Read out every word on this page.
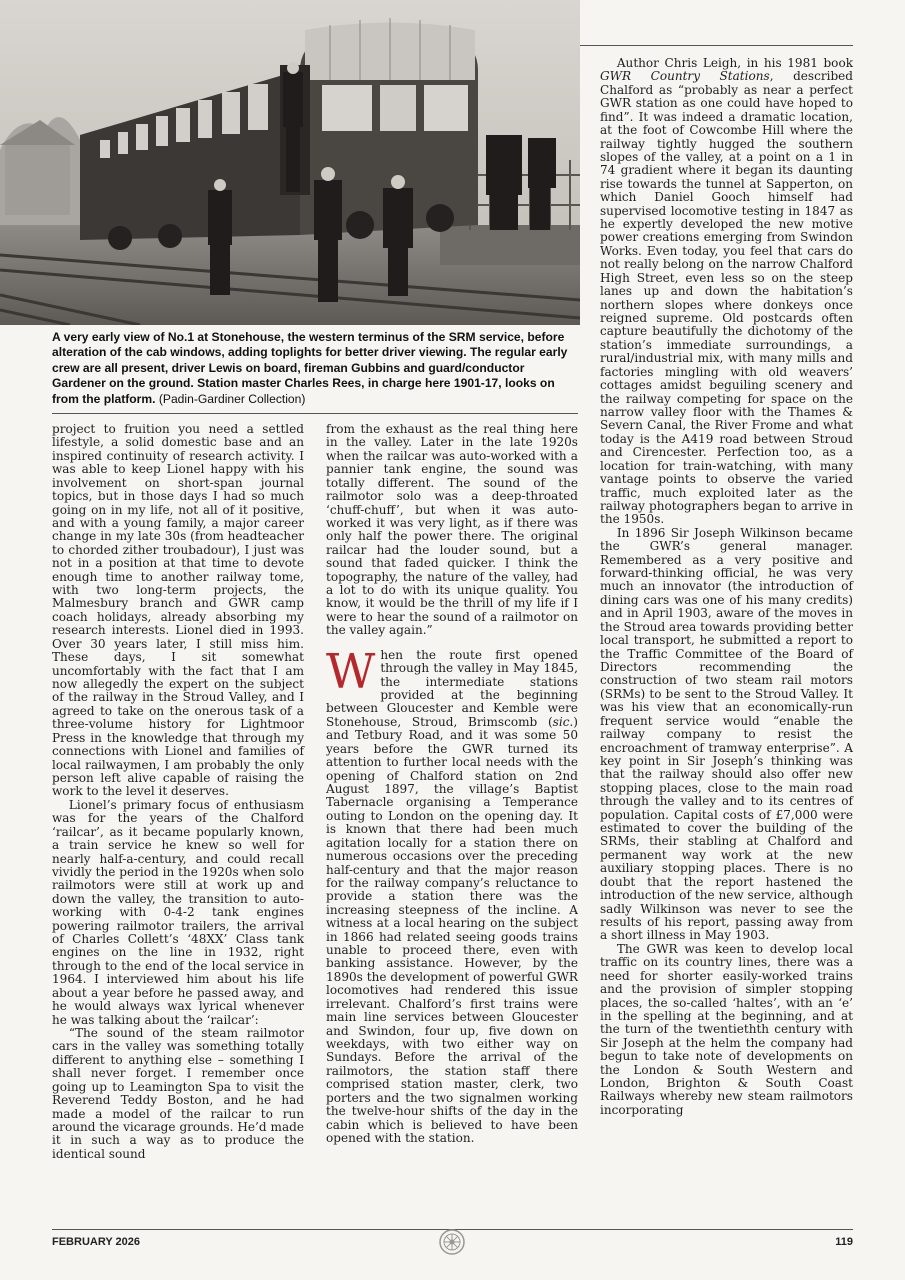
A very early view of No.1 at Stonehouse, the western terminus of the SRM service, before alteration of the cab windows, adding toplights for better driver viewing. The regular early crew are all present, driver Lewis on board, fireman Gubbins and guard/conductor Gardener on the ground. Station master Charles Rees, in charge here 1901-17, looks on from the platform. (Padin-Gardiner Collection)

project to fruition you need a settled lifestyle, a solid domestic base and an inspired continuity of research activity. I was able to keep Lionel happy with his involvement on short-span journal topics, but in those days I had so much going on in my life, not all of it positive, and with a young family, a major career change in my late 30s (from headteacher to chorded zither troubadour), I just was not in a position at that time to devote enough time to another railway tome, with two long-term projects, the Malmesbury branch and GWR camp coach holidays, already absorbing my research interests. Lionel died in 1993. Over 30 years later, I still miss him. These days, I sit somewhat uncomfortably with the fact that I am now allegedly the expert on the subject of the railway in the Stroud Valley, and I agreed to take on the onerous task of a three-volume history for Lightmoor Press in the knowledge that through my connections with Lionel and families of local railwaymen, I am probably the only person left alive capable of raising the work to the level it deserves.

Lionel’s primary focus of enthusiasm was for the years of the Chalford ‘railcar’, as it became popularly known, a train service he knew so well for nearly half-a-century, and could recall vividly the period in the 1920s when solo railmotors were still at work up and down the valley, the transition to auto-working with 0-4-2 tank engines powering railmotor trailers, the arrival of Charles Collett’s ‘48XX’ Class tank engines on the line in 1932, right through to the end of the local service in 1964. I interviewed him about his life about a year before he passed away, and he would always wax lyrical whenever he was talking about the ‘railcar’:

“The sound of the steam railmotor cars in the valley was something totally different to anything else – something I shall never forget. I remember once going up to Leamington Spa to visit the Reverend Teddy Boston, and he had made a model of the railcar to run around the vicarage grounds. He’d made it in such a way as to produce the identical sound

from the exhaust as the real thing here in the valley. Later in the late 1920s when the railcar was auto-worked with a pannier tank engine, the sound was totally different. The sound of the railmotor solo was a deep-throated ‘chuff-chuff’, but when it was auto-worked it was very light, as if there was only half the power there. The original railcar had the louder sound, but a sound that faded quicker. I think the topography, the nature of the valley, had a lot to do with its unique quality. You know, it would be the thrill of my life if I were to hear the sound of a railmotor on the valley again.”

When the route first opened through the valley in May 1845, the intermediate stations provided at the beginning between Gloucester and Kemble were Stonehouse, Stroud, Brimscomb (sic.) and Tetbury Road, and it was some 50 years before the GWR turned its attention to further local needs with the opening of Chalford station on 2nd August 1897, the village’s Baptist Tabernacle organising a Temperance outing to London on the opening day. It is known that there had been much agitation locally for a station there on numerous occasions over the preceding half-century and that the major reason for the railway company’s reluctance to provide a station there was the increasing steepness of the incline. A witness at a local hearing on the subject in 1866 had related seeing goods trains unable to proceed there, even with banking assistance. However, by the 1890s the development of powerful GWR locomotives had rendered this issue irrelevant. Chalford’s first trains were main line services between Gloucester and Swindon, four up, five down on weekdays, with two either way on Sundays. Before the arrival of the railmotors, the station staff there comprised station master, clerk, two porters and the two signalmen working the twelve-hour shifts of the day in the cabin which is believed to have been opened with the station.

Author Chris Leigh, in his 1981 book GWR Country Stations, described Chalford as “probably as near a perfect GWR station as one could have hoped to find”. It was indeed a dramatic location, at the foot of Cowcombe Hill where the railway tightly hugged the southern slopes of the valley, at a point on a 1 in 74 gradient where it began its daunting rise towards the tunnel at Sapperton, on which Daniel Gooch himself had supervised locomotive testing in 1847 as he expertly developed the new motive power creations emerging from Swindon Works. Even today, you feel that cars do not really belong on the narrow Chalford High Street, even less so on the steep lanes up and down the habitation’s northern slopes where donkeys once reigned supreme. Old postcards often capture beautifully the dichotomy of the station’s immediate surroundings, a rural/industrial mix, with many mills and factories mingling with old weavers’ cottages amidst beguiling scenery and the railway competing for space on the narrow valley floor with the Thames & Severn Canal, the River Frome and what today is the A419 road between Stroud and Cirencester. Perfection too, as a location for train-watching, with many vantage points to observe the varied traffic, much exploited later as the railway photographers began to arrive in the 1950s.

In 1896 Sir Joseph Wilkinson became the GWR’s general manager. Remembered as a very positive and forward-thinking official, he was very much an innovator (the introduction of dining cars was one of his many credits) and in April 1903, aware of the moves in the Stroud area towards providing better local transport, he submitted a report to the Traffic Committee of the Board of Directors recommending the construction of two steam rail motors (SRMs) to be sent to the Stroud Valley. It was his view that an economically-run frequent service would “enable the railway company to resist the encroachment of tramway enterprise”. A key point in Sir Joseph’s thinking was that the railway should also offer new stopping places, close to the main road through the valley and to its centres of population. Capital costs of £7,000 were estimated to cover the building of the SRMs, their stabling at Chalford and permanent way work at the new auxiliary stopping places. There is no doubt that the report hastened the introduction of the new service, although sadly Wilkinson was never to see the results of his report, passing away from a short illness in May 1903.

The GWR was keen to develop local traffic on its country lines, there was a need for shorter easily-worked trains and the provision of simpler stopping places, the so-called ‘haltes’, with an ‘e’ in the spelling at the beginning, and at the turn of the twentiethth century with Sir Joseph at the helm the company had begun to take note of developments on the London & South Western and London, Brighton & South Coast Railways whereby new steam railmotors incorporating

FEBRUARY 2026	119
